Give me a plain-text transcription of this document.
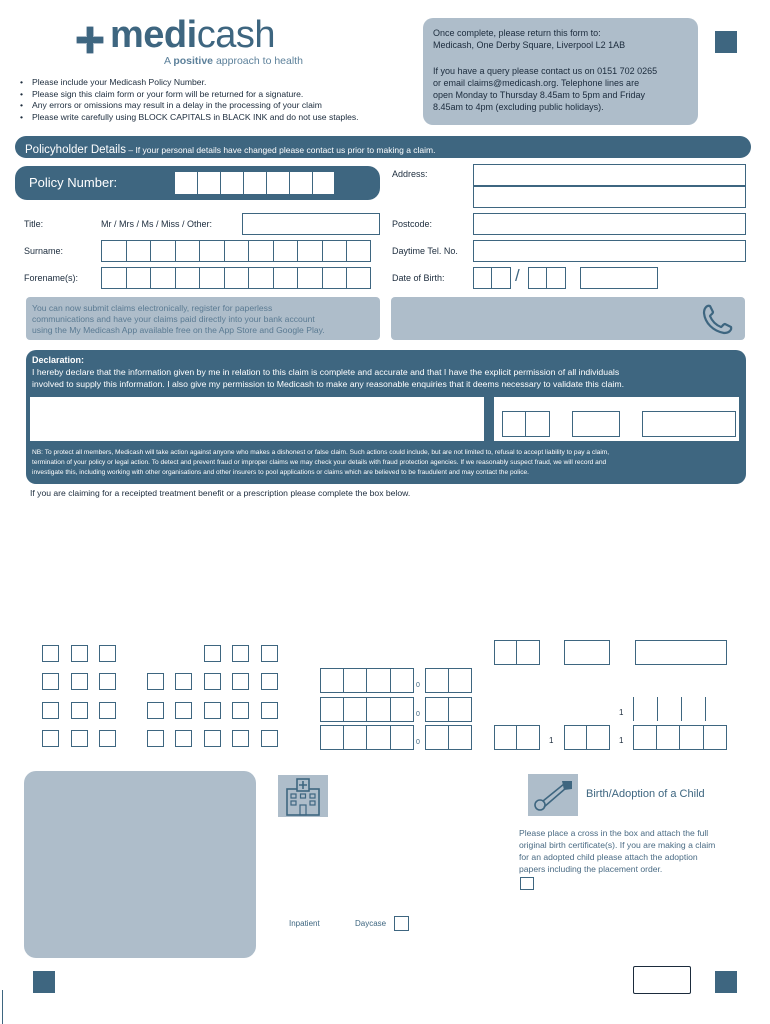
medicash
A positive approach to health
• Please include your Medicash Policy Number.
• Please sign this claim form or your form will be returned for a signature.
• Any errors or omissions may result in a delay in the processing of your claim
• Please write carefully using BLOCK CAPITALS in BLACK INK and do not use staples.
Once complete, please return this form to:
Medicash, One Derby Square, Liverpool L2 1AB
If you have a query please contact us on 0151 702 0265
or email claims@medicash.org. Telephone lines are
open Monday to Thursday 8.45am to 5pm and Friday
8.45am to 4pm (excluding public holidays).
Policyholder Details – If your personal details have changed please contact us prior to making a claim.
Policy Number:
Address:
Title:	Mr / Mrs / Ms / Miss / Other:	Postcode:
Surname:	Daytime Tel. No.
Forename(s):	Date of Birth:	/
You can now submit claims electronically, register for paperless
communications and have your claims paid directly into your bank account
using the My Medicash App available free on the App Store and Google Play.
Declaration:
I hereby declare that the information given by me in relation to this claim is complete and accurate and that I have the explicit permission of all individuals
involved to supply this information. I also give my permission to Medicash to make any reasonable enquiries that it deems necessary to validate this claim.
NB: To protect all members, Medicash will take action against anyone who makes a dishonest or false claim. Such actions could include, but are not limited to, refusal to accept liability to pay a claim,
termination of your policy or legal action. To detect and prevent fraud or improper claims we may check your details with fraud protection agencies. If we reasonably suspect fraud, we will record and
investigate this, including working with other organisations and other insurers to pool applications or claims which are believed to be fraudulent and may contact the police.
If you are claiming for a receipted treatment benefit or a prescription please complete the box below.
0
0	1
0	1	1
Inpatient	Daycase
Birth/Adoption of a Child
Please place a cross in the box and attach the full
original birth certificate(s). If you are making a claim
for an adopted child please attach the adoption
papers including the placement order.
